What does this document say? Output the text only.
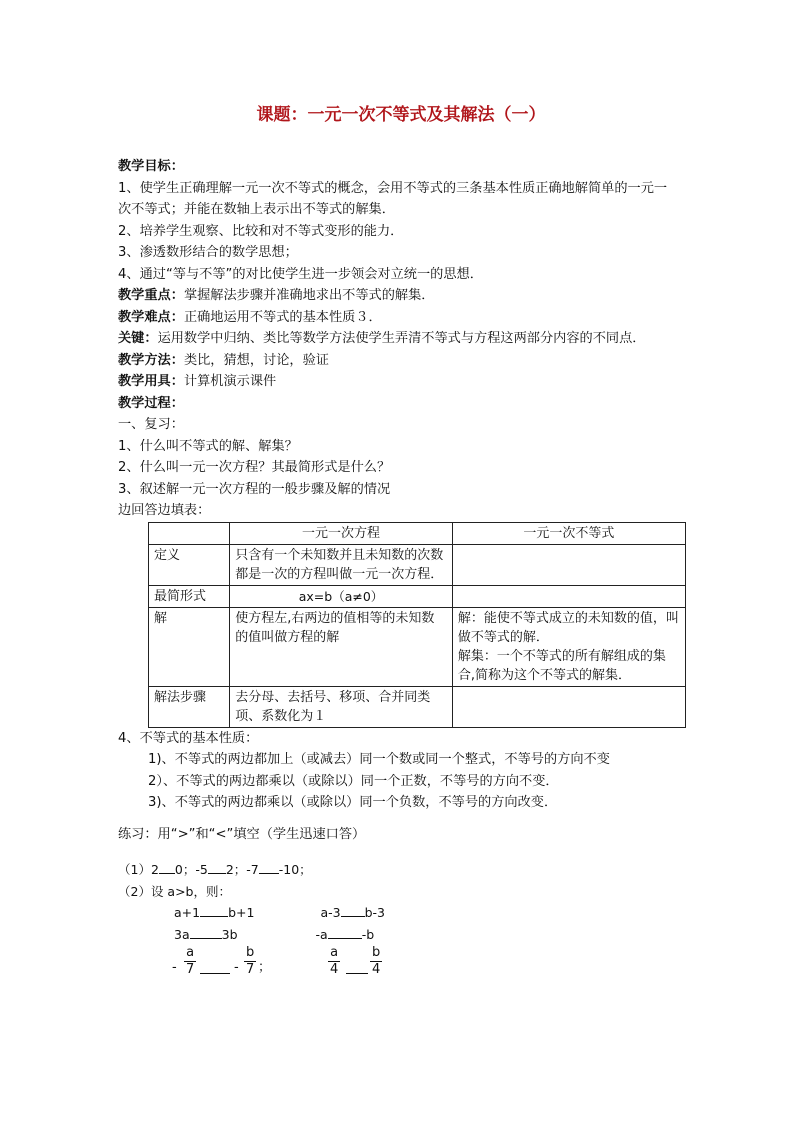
课题：一元一次不等式及其解法（一）
教学目标：
1、使学生正确理解一元一次不等式的概念，会用不等式的三条基本性质正确地解简单的一元一次不等式；并能在数轴上表示出不等式的解集．
2、培养学生观察、比较和对不等式变形的能力．
3、渗透数形结合的数学思想；
4、通过“等与不等”的对比使学生进一步领会对立统一的思想．
教学重点：掌握解法步骤并准确地求出不等式的解集．
教学难点：正确地运用不等式的基本性质３．
关键：运用数学中归纳、类比等数学方法使学生弄清不等式与方程这两部分内容的不同点．
教学方法：类比，猜想，讨论，验证
教学用具：计算机演示课件
教学过程：
一、复习：
1、什么叫不等式的解、解集？
2、什么叫一元一次方程？其最简形式是什么？
3、叙述解一元一次方程的一般步骤及解的情况
边回答边填表：
	一元一次方程	一元一次不等式
定义	只含有一个未知数并且未知数的次数都是一次的方程叫做一元一次方程．	
最简形式	ax=b（a≠0）	
解	使方程左,右两边的值相等的未知数的值叫做方程的解	解：能使不等式成立的未知数的值，叫做不等式的解．
解集：一个不等式的所有解组成的集合,简称为这个不等式的解集．

解法步骤	去分母、去括号、移项、合并同类项、系数化为１	
4、不等式的基本性质：
1)、不等式的两边都加上（或减去）同一个数或同一个整式，不等号的方向不变
2）、不等式的两边都乘以（或除以）同一个正数，不等号的方向不变．
3)、不等式的两边都乘以（或除以）同一个负数，不等号的方向改变．
练习：用“>”和“<”填空（学生迅速口答）
（1）2 0；-5 2；-7 -10；
（2）设 a>b，则：
a+1 b+1	a-3 b-3
3a	3b	-a	-b
- $\frac{a}{7}$	- $\frac{b}{7}$ ；	$\frac{a}{4} \frac{b}{4}$
